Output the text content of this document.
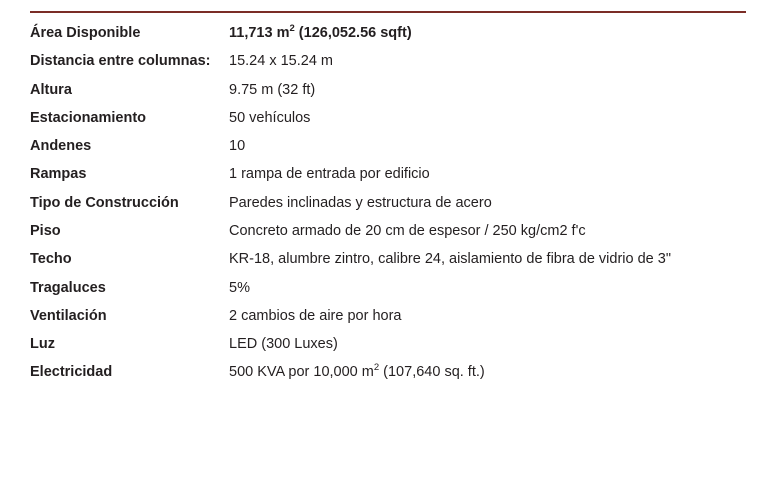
Área Disponible	11,713 $m^2$ (126,052.56 sqft)
Distancia entre columnas:	15.24 x 15.24 m
Altura	9.75 m (32 ft)
Estacionamiento	50 vehículos
Andenes	10
Rampas	1 rampa de entrada por edificio
Tipo de Construcción	Paredes inclinadas y estructura de acero
Piso	Concreto armado de 20 cm de espesor / 250 kg/cm2 f'c
Techo	KR-18, alumbre zintro, calibre 24, aislamiento de fibra de vidrio de 3"
Tragaluces	5%
Ventilación	2 cambios de aire por hora
Luz	LED (300 Luxes)
Electricidad	500 KVA por 10,000 $m^2$ (107,640 sq. ft.)
